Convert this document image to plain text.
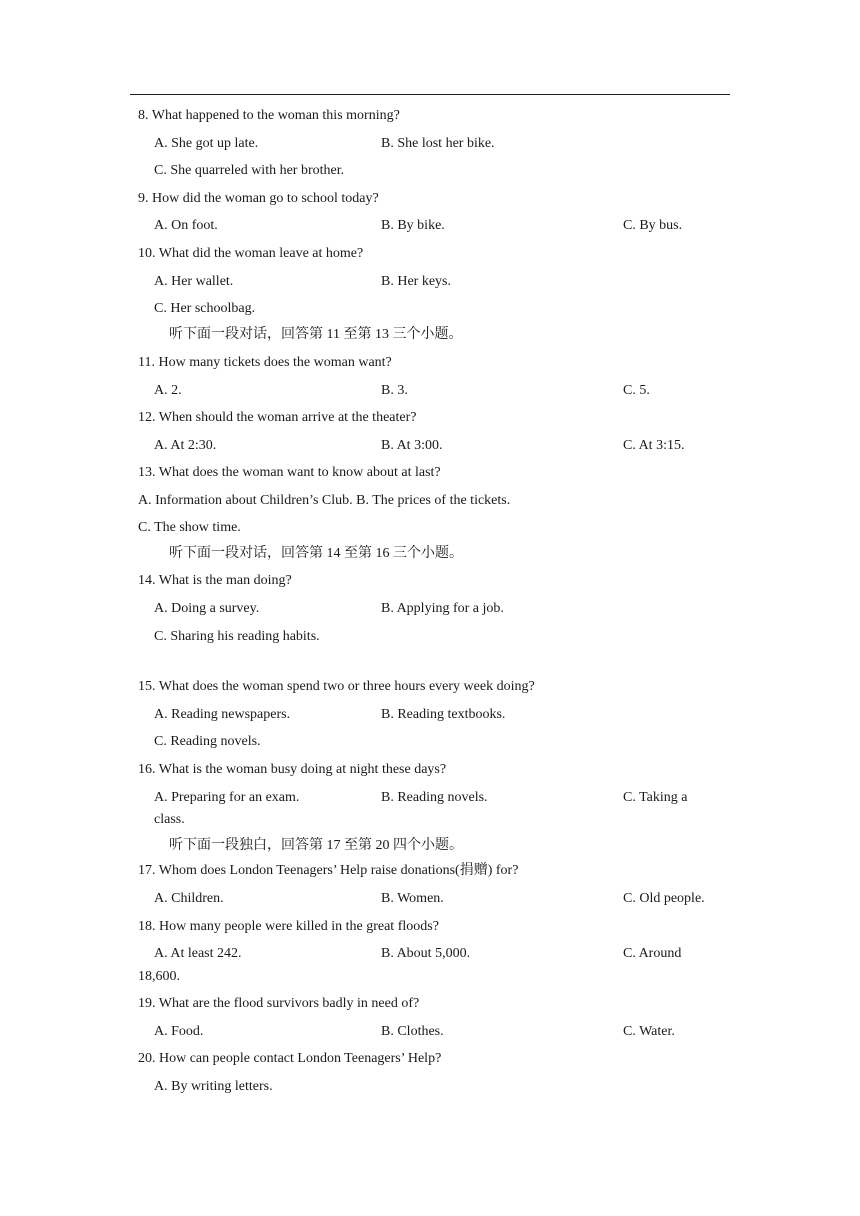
8. What happened to the woman this morning?
A. She got up late.	B. She lost her bike.
C. She quarreled with her brother.
9. How did the woman go to school today?
A. On foot.	B. By bike.	C. By bus.
10. What did the woman leave at home?
A. Her wallet.	B. Her keys.
C. Her schoolbag.
听下面一段对话，回答第 11 至第 13 三个小题。
11. How many tickets does the woman want?
A. 2.	B. 3.	C. 5.
12. When should the woman arrive at the theater?
A. At 2:30.	B. At 3:00.	C. At 3:15.
13. What does the woman want to know about at last?
A. Information about Children’s Club. B. The prices of the tickets.
C. The show time.
听下面一段对话，回答第 14 至第 16 三个小题。
14. What is the man doing?
A. Doing a survey.	B. Applying for a job.
C. Sharing his reading habits.
15. What does the woman spend two or three hours every week doing?
A. Reading newspapers.	B. Reading textbooks.
C. Reading novels.
16. What is the woman busy doing at night these days?
A. Preparing for an exam.	B. Reading novels.	C. Taking a
class.
听下面一段独白，回答第 17 至第 20 四个小题。
17. Whom does London Teenagers’ Help raise donations(捐赠) for?
A. Children.	B. Women.	C. Old people.
18. How many people were killed in the great floods?
A. At least 242.	B. About 5,000.	C. Around
18,600.
19. What are the flood survivors badly in need of?
A. Food.	B. Clothes.	C. Water.
20. How can people contact London Teenagers’ Help?
A. By writing letters.
